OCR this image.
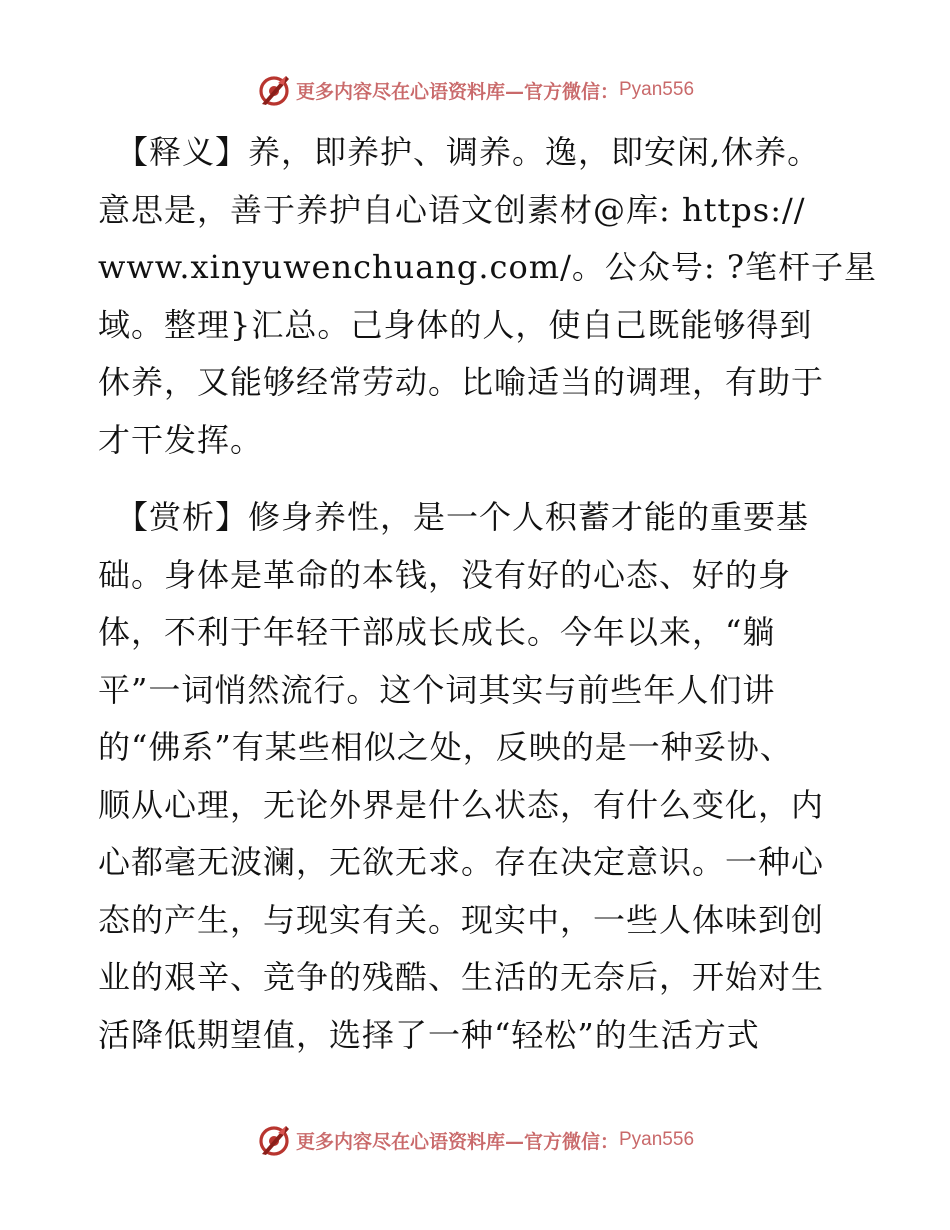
更多内容尽在心语资料库—官方微信： Pyan556
【释义】养，即养护、调养。逸，即安闲,休养。
意思是，善于养护自心语文创素材@库: https://
www.xinyuwenchuang.com/。公众号: ?笔杆子星
域。整理}汇总。己身体的人，使自己既能够得到
休养，又能够经常劳动。比喻适当的调理，有助于
才干发挥。
【赏析】修身养性，是一个人积蓄才能的重要基
础。身体是革命的本钱，没有好的心态、好的身
体，不利于年轻干部成长成长。今年以来，“躺
平”一词悄然流行。这个词其实与前些年人们讲
的“佛系”有某些相似之处，反映的是一种妥协、
顺从心理，无论外界是什么状态，有什么变化，内
心都毫无波澜，无欲无求。存在决定意识。一种心
态的产生，与现实有关。现实中，一些人体味到创
业的艰辛、竞争的残酷、生活的无奈后，开始对生
活降低期望值，选择了一种“轻松”的生活方式
更多内容尽在心语资料库—官方微信： Pyan556
